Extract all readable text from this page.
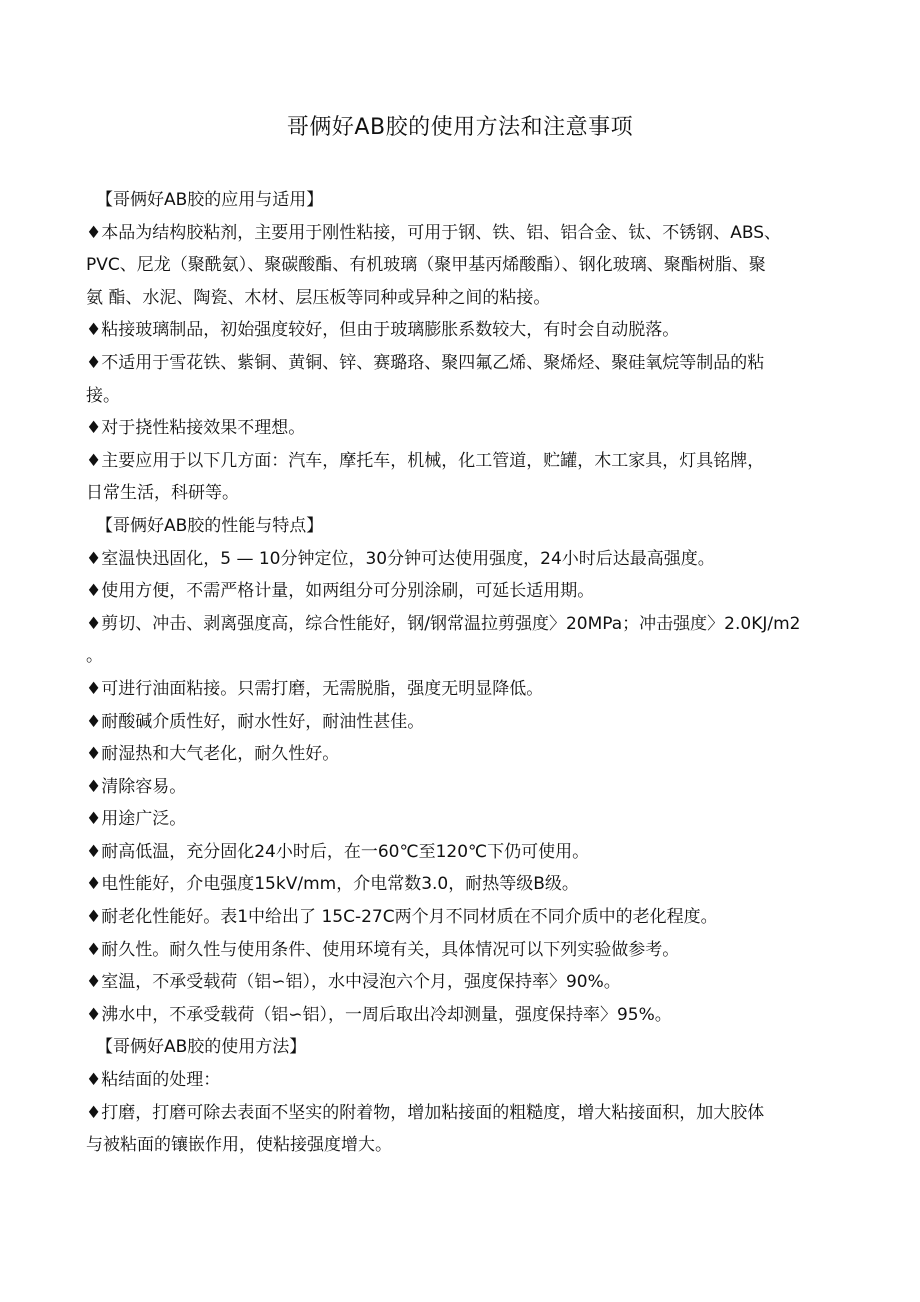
哥俩好AB胶的使用方法和注意事项
【哥俩好AB胶的应用与适用】
♦本品为结构胶粘剂，主要用于刚性粘接，可用于钢、铁、铝、铝合金、钛、不锈钢、ABS、
PVC、尼龙（聚酰氨）、聚碳酸酯、有机玻璃（聚甲基丙烯酸酯）、钢化玻璃、聚酯树脂、聚
氨 酯、水泥、陶瓷、木材、层压板等同种或异种之间的粘接。
♦粘接玻璃制品，初始强度较好，但由于玻璃膨胀系数较大，有时会自动脱落。
♦不适用于雪花铁、紫铜、黄铜、锌、赛璐珞、聚四氟乙烯、聚烯烃、聚硅氧烷等制品的粘
接。
♦对于挠性粘接效果不理想。
♦主要应用于以下几方面：汽车，摩托车，机械，化工管道，贮罐，木工家具，灯具铭牌，
日常生活，科研等。
【哥俩好AB胶的性能与特点】
♦室温快迅固化，5 — 10分钟定位，30分钟可达使用强度，24小时后达最高强度。
♦使用方便，不需严格计量，如两组分可分别涂刷，可延长适用期。
♦剪切、冲击、剥离强度高，综合性能好，钢/钢常温拉剪强度〉20MPa；冲击强度〉2.0KJ/m2
。
♦可进行油面粘接。只需打磨，无需脱脂，强度无明显降低。
♦耐酸碱介质性好，耐水性好，耐油性甚佳。
♦耐湿热和大气老化，耐久性好。
♦清除容易。
♦用途广泛。
♦耐高低温，充分固化24小时后，在一60℃至120℃下仍可使用。
♦电性能好，介电强度15kV/mm，介电常数3.0，耐热等级B级。
♦耐老化性能好。表1中给出了 15C-27C两个月不同材质在不同介质中的老化程度。
♦耐久性。耐久性与使用条件、使用环境有关，具体情况可以下列实验做参考。
♦室温，不承受载荷（铝∽铝），水中浸泡六个月，强度保持率〉90%。
♦沸水中，不承受载荷（铝∽铝），一周后取出冷却测量，强度保持率〉95%。
【哥俩好AB胶的使用方法】
♦粘结面的处理：
♦打磨，打磨可除去表面不坚实的附着物，增加粘接面的粗糙度，增大粘接面积，加大胶体
与被粘面的镶嵌作用，使粘接强度增大。
